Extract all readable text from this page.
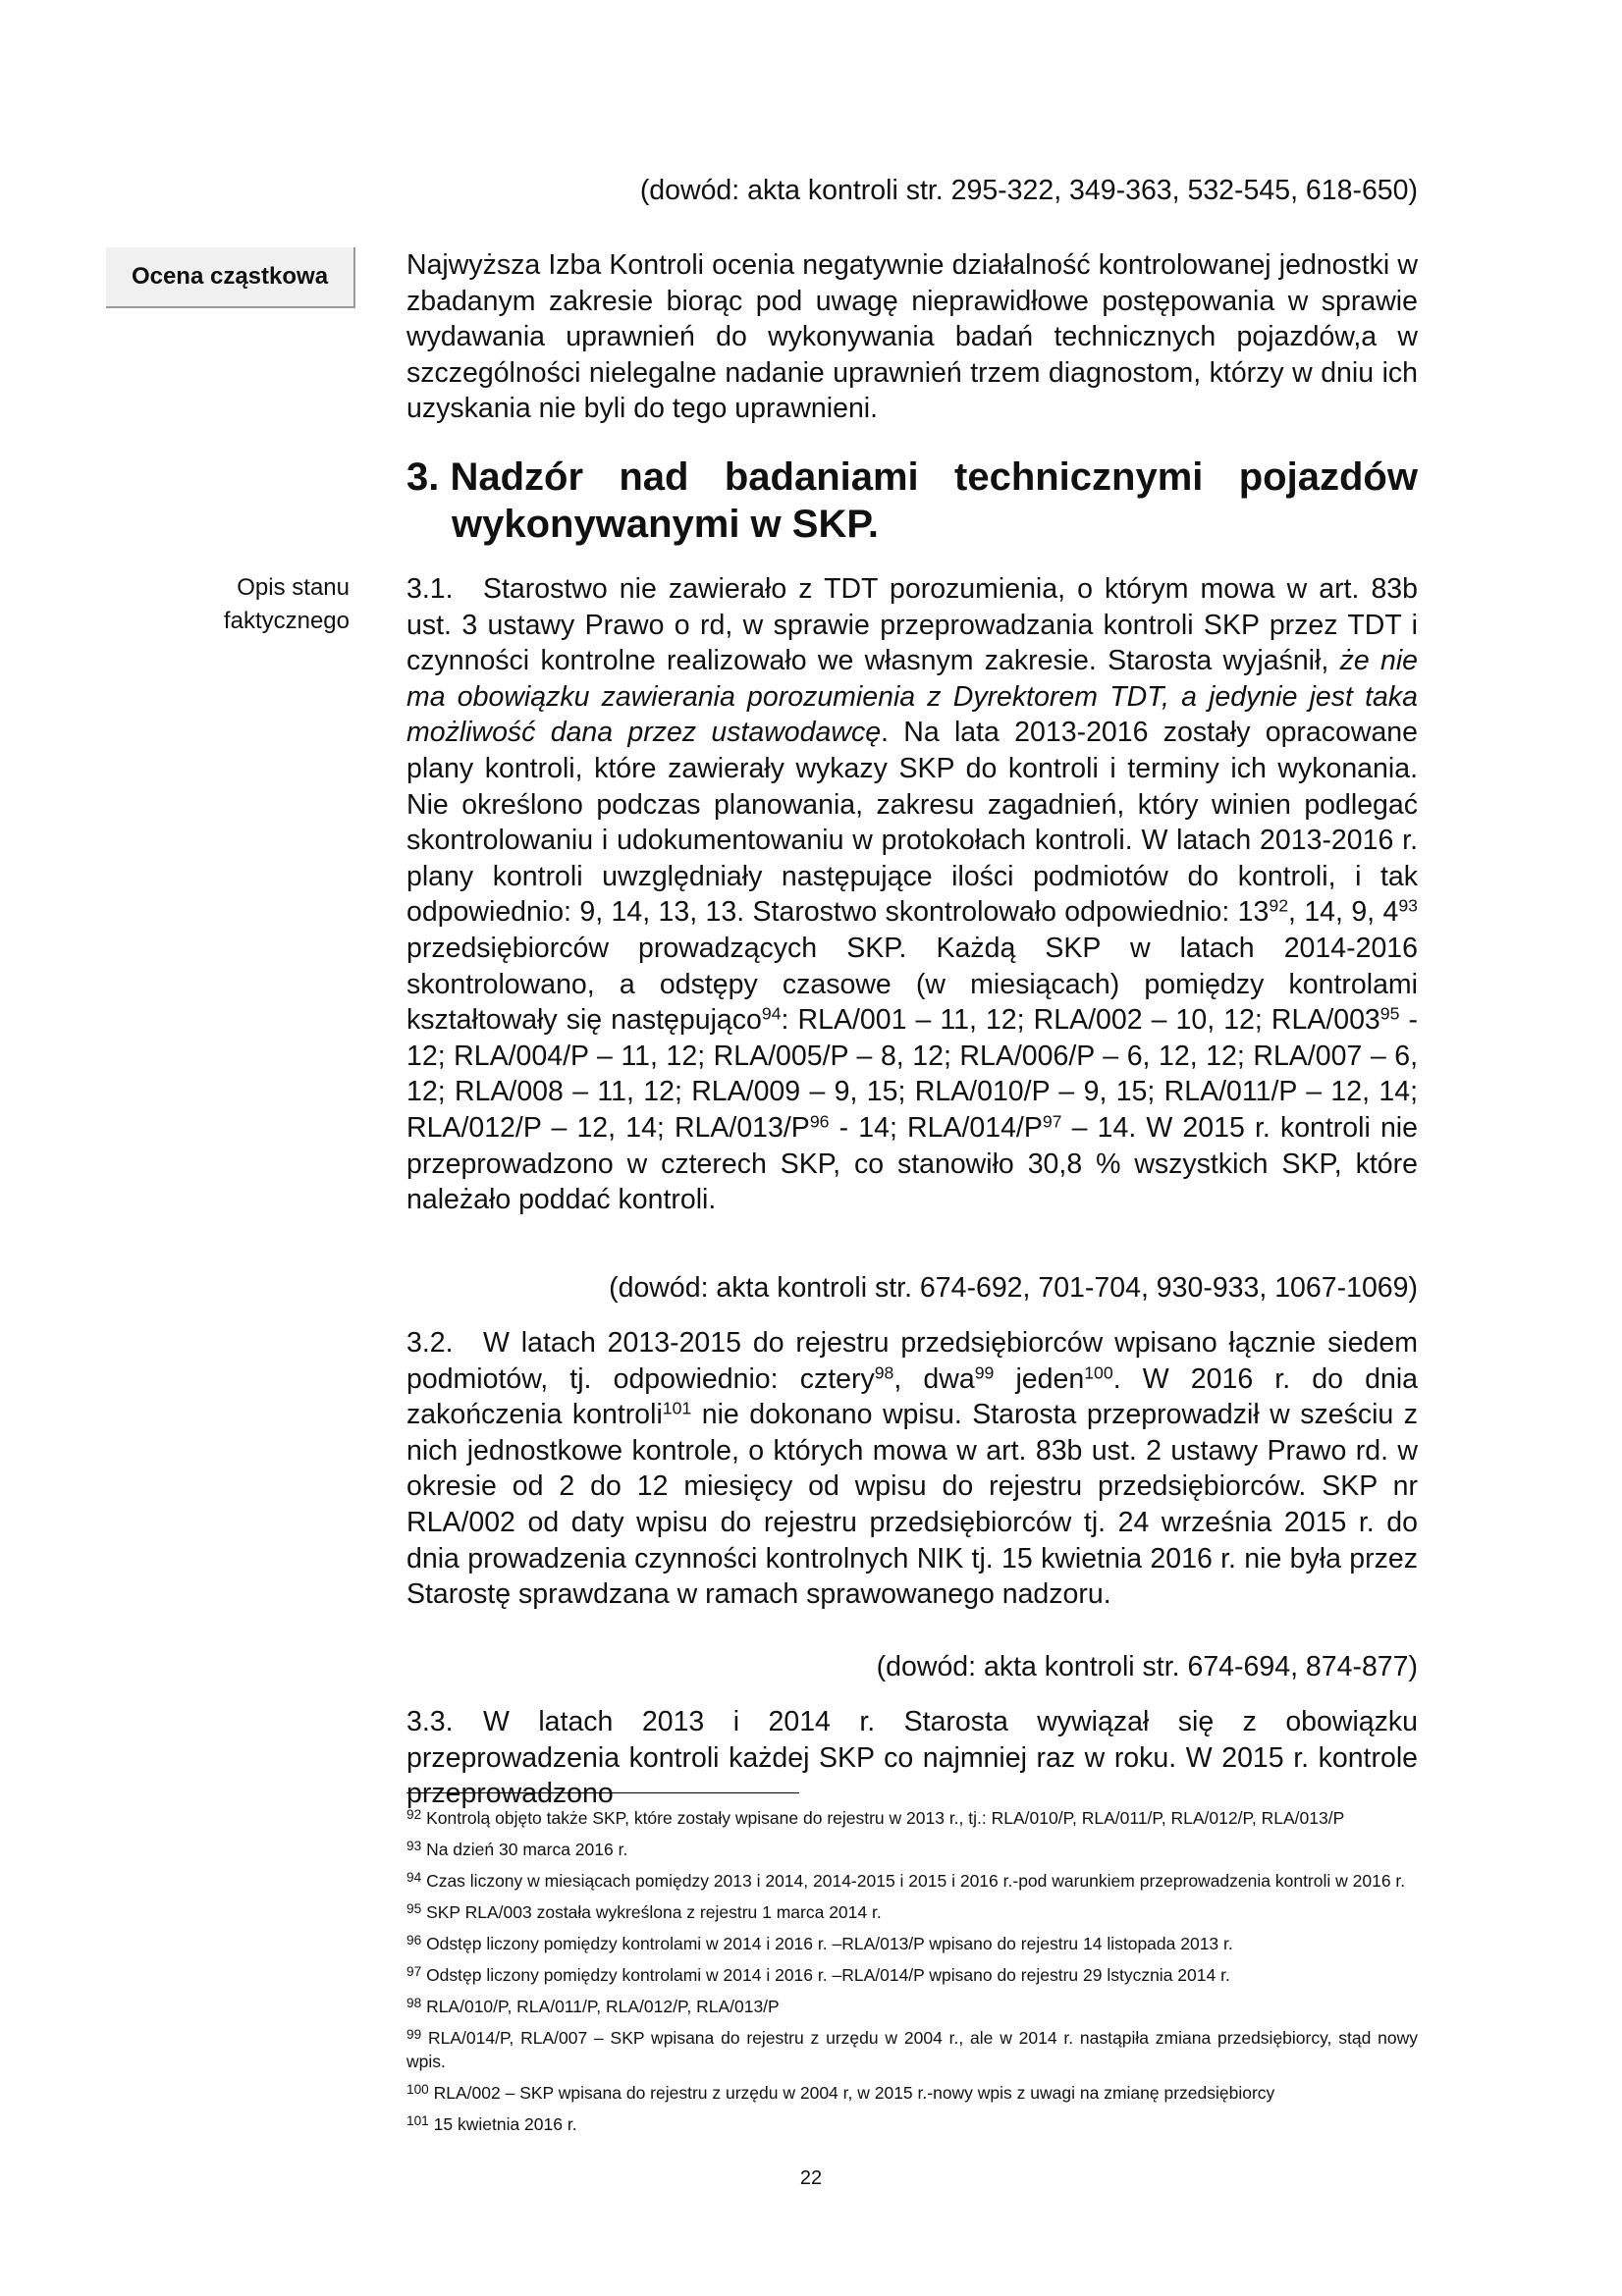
(dowód: akta kontroli str. 295-322, 349-363, 532-545, 618-650)
Ocena cząstkowa	Najwyższa Izba Kontroli ocenia negatywnie działalność kontrolowanej jednostki w zbadanym zakresie biorąc pod uwagę nieprawidłowe postępowania w sprawie wydawania uprawnień do wykonywania badań technicznych pojazdów,a w szczególności nielegalne nadanie uprawnień trzem diagnostom, którzy w dniu ich uzyskania nie byli do tego uprawnieni.

3. Nadzór nad badaniami technicznymi pojazdów
wykonywanymi w SKP.
Opis stanu
faktycznego

3.1. Starostwo nie zawierało z TDT porozumienia, o którym mowa w art. 83b ust. 3 ustawy Prawo o rd, w sprawie przeprowadzania kontroli SKP przez TDT i czynności kontrolne realizowało we własnym zakresie. Starosta wyjaśnił, że nie ma obowiązku zawierania porozumienia z Dyrektorem TDT, a jedynie jest taka możliwość dana przez ustawodawcę. Na lata 2013-2016 zostały opracowane plany kontroli, które zawierały wykazy SKP do kontroli i terminy ich wykonania. Nie określono podczas planowania, zakresu zagadnień, który winien podlegać skontrolowaniu i udokumentowaniu w protokołach kontroli. W latach 2013-2016 r. plany kontroli uwzględniały następujące ilości podmiotów do kontroli, i tak odpowiednio: 9, 14, 13, 13. Starostwo skontrolowało odpowiednio: $13^{92}$, 14, 9, $4^{93}$ przedsiębiorców prowadzących SKP. Każdą SKP w latach 2014-2016 skontrolowano, a odstępy czasowe (w miesiącach) pomiędzy kontrolami kształtowały się następująco$^{94}$: RLA/001 – 11, 12; RLA/002 – 10, 12; RLA/$003^{95} - 12$; RLA/004/P – 11, 12; RLA/005/P – 8, 12; RLA/006/P – 6, 12, 12; RLA/007 – 6, 12; RLA/008 – 11, 12; RLA/009 – 9, 15; RLA/010/P – 9, 15; RLA/011/P – 12, 14; RLA/012/P – 12, 14; RLA/$013/P^{96} - 14$; RLA/$014/P^{97} - 14$. W 2015 r. kontroli nie przeprowadzono w czterech SKP, co stanowiło 30,8 % wszystkich SKP, które należało poddać kontroli.

(dowód: akta kontroli str. 674-692, 701-704, 930-933, 1067-1069)

3.2. W latach 2013-2015 do rejestru przedsiębiorców wpisano łącznie siedem podmiotów, tj. odpowiednio: cztery$^{98}$, dwa$^{99}$ jeden$^{100}$. W 2016 r. do dnia zakończenia kontroli$^{101}$ nie dokonano wpisu. Starosta przeprowadził w sześciu z nich jednostkowe kontrole, o których mowa w art. 83b ust. 2 ustawy Prawo rd. w okresie od 2 do 12 miesięcy od wpisu do rejestru przedsiębiorców. SKP nr RLA/002 od daty wpisu do rejestru przedsiębiorców tj. 24 września 2015 r. do dnia prowadzenia czynności kontrolnych NIK tj. 15 kwietnia 2016 r. nie była przez Starostę sprawdzana w ramach sprawowanego nadzoru.

(dowód: akta kontroli str. 674-694, 874-877)

3.3. W latach 2013 i 2014 r. Starosta wywiązał się z obowiązku przeprowadzenia kontroli każdej SKP co najmniej raz w roku. W 2015 r. kontrole przeprowadzono

$^{92}$ Kontrolą objęto także SKP, które zostały wpisane do rejestru w 2013 r., tj.: RLA/010/P, RLA/011/P, RLA/012/P, RLA/013/P
$^{93}$ Na dzień 30 marca 2016 r.
$^{94}$ Czas liczony w miesiącach pomiędzy 2013 i 2014, 2014-2015 i 2015 i 2016 r.-pod warunkiem przeprowadzenia kontroli w 2016 r.
$^{95}$ SKP RLA/003 została wykreślona z rejestru 1 marca 2014 r.
$^{96}$ Odstęp liczony pomiędzy kontrolami w 2014 i 2016 r. –RLA/013/P wpisano do rejestru 14 listopada 2013 r.
$^{97}$ Odstęp liczony pomiędzy kontrolami w 2014 i 2016 r. –RLA/014/P wpisano do rejestru 29 lstycznia 2014 r.
$^{98}$ RLA/010/P, RLA/011/P, RLA/012/P, RLA/013/P
$^{99}$ RLA/014/P, RLA/007 – SKP wpisana do rejestru z urzędu w 2004 r., ale w 2014 r. nastąpiła zmiana przedsiębiorcy, stąd nowy wpis.
$^{100}$ RLA/002 – SKP wpisana do rejestru z urzędu w 2004 r, w 2015 r.-nowy wpis z uwagi na zmianę przedsiębiorcy
$^{101}$ 15 kwietnia 2016 r.
22
